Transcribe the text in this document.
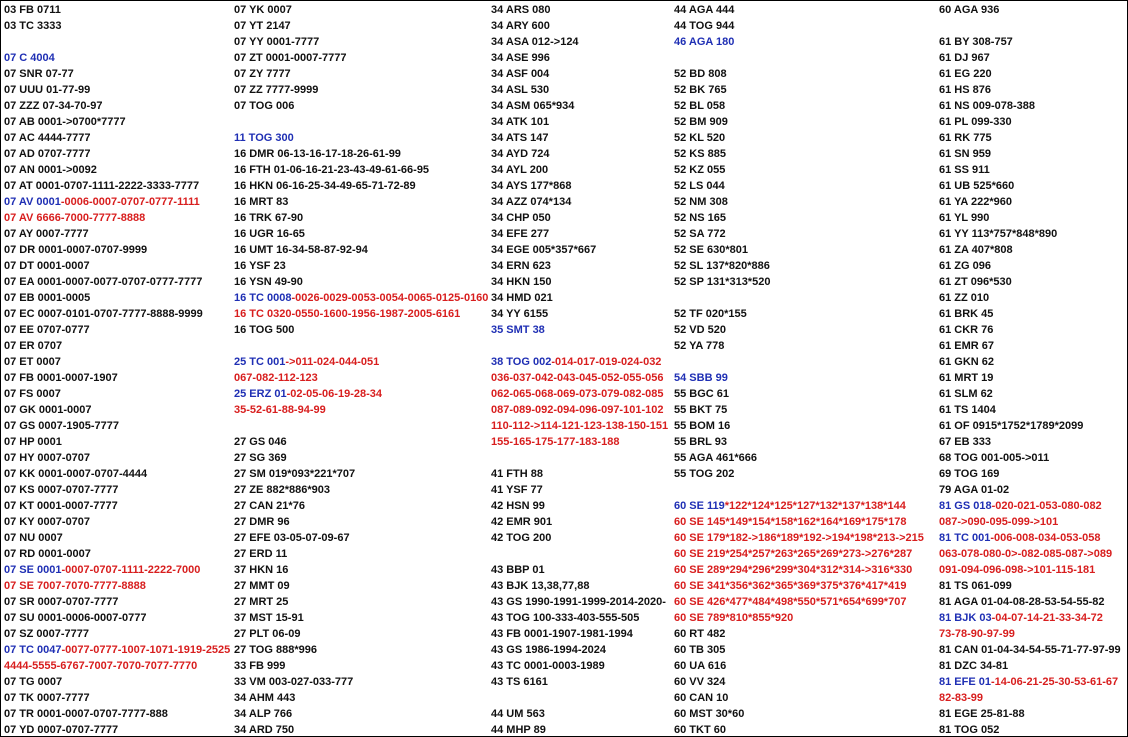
03 FB 0711
03 TC 3333
07 C 4004
07 SNR 07-77
07 UUU 01-77-99
07 ZZZ 07-34-70-97
07 AB 0001->0700*7777
07 AC 4444-7777
07 AD 0707-7777
07 AN 0001->0092
07 AT 0001-0707-1111-2222-3333-7777
07 AV 0001-0006-0007-0707-0777-1111
07 AV 6666-7000-7777-8888
07 AY 0007-7777
07 DR 0001-0007-0707-9999
07 DT 0001-0007
07 EA 0001-0007-0077-0707-0777-7777
07 EB 0001-0005
07 EC 0007-0101-0707-7777-8888-9999
07 EE 0707-0777
07 ER 0707
07 ET 0007
07 FB 0001-0007-1907
07 FS 0007
07 GK 0001-0007
07 GS 0007-1905-7777
07 HP 0001
07 HY 0007-0707
07 KK 0001-0007-0707-4444
07 KS 0007-0707-7777
07 KT 0001-0007-7777
07 KY 0007-0707
07 NU 0007
07 RD 0001-0007
07 SE 0001-0007-0707-1111-2222-7000
07 SE 7007-7070-7777-8888
07 SR 0007-0707-7777
07 SU 0001-0006-0007-0777
07 SZ 0007-7777
07 TC 0047-0077-0777-1007-1071-1919-2525
4444-5555-6767-7007-7070-7077-7770
07 TG 0007
07 TK 0007-7777
07 TR 0001-0007-0707-7777-888
07 YD 0007-0707-7777
07 YK 0007
07 YT 2147
07 YY 0001-7777
07 ZT 0001-0007-7777
07 ZY 7777
07 ZZ 7777-9999
07 TOG 006
11 TOG 300
16 DMR 06-13-16-17-18-26-61-99
16 FTH 01-06-16-21-23-43-49-61-66-95
16 HKN 06-16-25-34-49-65-71-72-89
16 MRT 83
16 TRK 67-90
16 UGR 16-65
16 UMT 16-34-58-87-92-94
16 YSF 23
16 YSN 49-90
16 TC 0008-0026-0029-0053-0054-0065-0125-0160
16 TC 0320-0550-1600-1956-1987-2005-6161
16 TOG 500
25 TC 001->011-024-044-051
067-082-112-123
25 ERZ 01-02-05-06-19-28-34
35-52-61-88-94-99
27 GS 046
27 SG 369
27 SM 019*093*221*707
27 ZE 882*886*903
27 CAN 21*76
27 DMR 96
27 EFE 03-05-07-09-67
27 ERD 11
37 HKN 16
27 MMT 09
27 MRT 25
37 MST 15-91
27 PLT 06-09
27 TOG 888*996
33 FB 999
33 VM 003-027-033-777
34 AHM 443
34 ALP 766
34 ARD 750
34 ARS 080
34 ARY 600
34 ASA 012->124
34 ASE 996
34 ASF 004
34 ASL 530
34 ASM 065*934
34 ATK 101
34 ATS 147
34 AYD 724
34 AYL 200
34 AYS 177*868
34 AZZ 074*134
34 CHP 050
34 EFE 277
34 EGE 005*357*667
34 ERN 623
34 HKN 150
34 HMD 021
34 YY 6155
35 SMT 38
38 TOG 002-014-017-019-024-032
036-037-042-043-045-052-055-056
062-065-068-069-073-079-082-085
087-089-092-094-096-097-101-102
110-112->114-121-123-138-150-151
155-165-175-177-183-188
41 FTH 88
41 YSF 77
42 HSN 99
42 EMR 901
42 TOG 200
43 BBP 01
43 BJK 13,38,77,88
43 GS 1990-1991-1999-2014-2020-
43 TOG 100-333-403-555-505
43 FB 0001-1907-1981-1994
43 GS 1986-1994-2024
43 TC 0001-0003-1989
43 TS 6161
44 UM 563
44 MHP 89
44 AGA 444
44 TOG 944
46 AGA 180
52 BD 808
52 BK 765
52 BL 058
52 BM 909
52 KL 520
52 KS 885
52 KZ 055
52 LS 044
52 NM 308
52 NS 165
52 SA 772
52 SE 630*801
52 SL 137*820*886
52 SP 131*313*520
52 TF 020*155
52 VD 520
52 YA 778
54 SBB 99
55 BGC 61
55 BKT 75
55 BOM 16
55 BRL 93
55 AGA 461*666
55 TOG 202
60 SE 119*122*124*125*127*132*137*138*144
60 SE 145*149*154*158*162*164*169*175*178
60 SE 179*182->186*189*192->194*198*213->215
60 SE 219*254*257*263*265*269*273->276*287
60 SE 289*294*296*299*304*312*314->316*330
60 SE 341*356*362*365*369*375*376*417*419
60 SE 426*477*484*498*550*571*654*699*707
60 SE 789*810*855*920
60 RT 482
60 TB 305
60 UA 616
60 VV 324
60 CAN 10
60 MST 30*60
60 TKT 60
60 AGA 936
61 BY 308-757
61 DJ 967
61 EG 220
61 HS 876
61 NS 009-078-388
61 PL 099-330
61 RK 775
61 SN 959
61 SS 911
61 UB 525*660
61 YA 222*960
61 YL 990
61 YY 113*757*848*890
61 ZA 407*808
61 ZG 096
61 ZT 096*530
61 ZZ 010
61 BRK 45
61 CKR 76
61 EMR 67
61 GKN 62
61 MRT 19
61 SLM 62
61 TS 1404
61 OF 0915*1752*1789*2099
67 EB 333
68 TOG 001-005->011
69 TOG 169
79 AGA 01-02
81 GS 018-020-021-053-080-082
087->090-095-099->101
81 TC 001-006-008-034-053-058
063-078-080-0>-082-085-087->089
091-094-096-098->101-115-181
81 TS 061-099
81 AGA 01-04-08-28-53-54-55-82
81 BJK 03-04-07-14-21-33-34-72
73-78-90-97-99
81 CAN 01-04-34-54-55-71-77-97-99
81 DZC 34-81
81 EFE 01-14-06-21-25-30-53-61-67
82-83-99
81 EGE 25-81-88
81 TOG 052
